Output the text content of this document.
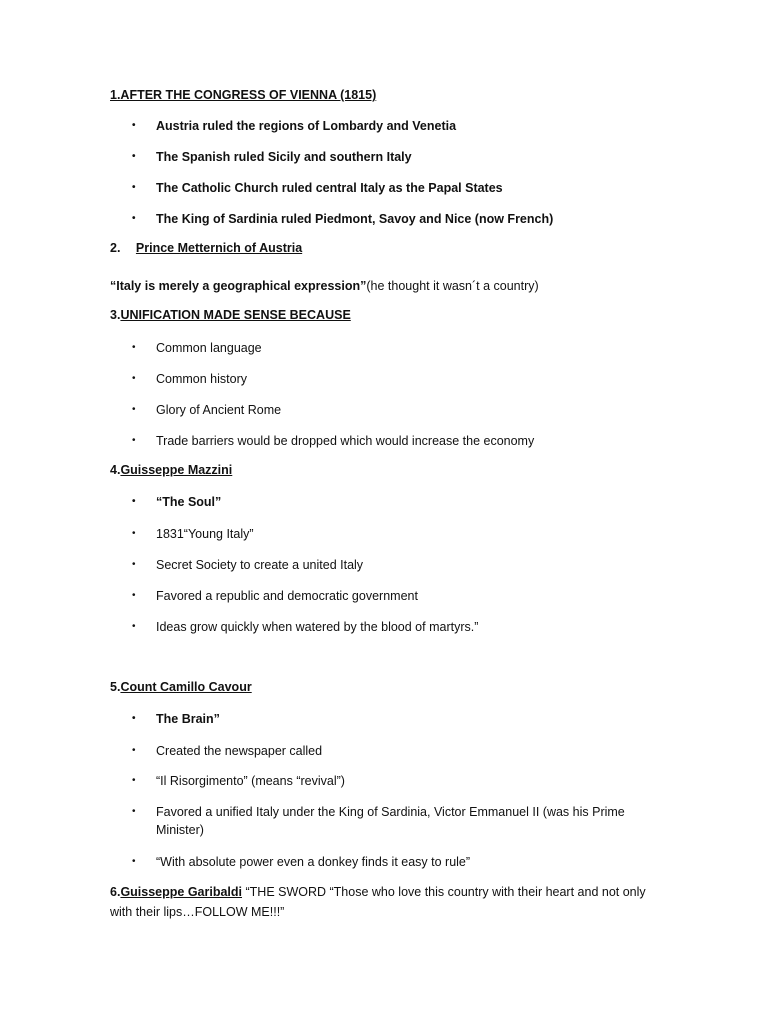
1.AFTER THE CONGRESS OF VIENNA (1815)
• Austria ruled the regions of Lombardy and Venetia
• The Spanish ruled Sicily and southern Italy
• The Catholic Church ruled central Italy as the Papal States
• The King of Sardinia ruled Piedmont, Savoy and Nice (now French)
2. Prince Metternich of Austria
“Italy is merely a geographical expression”(he thought it wasn´t a country)
3.UNIFICATION MADE SENSE BECAUSE
• Common language
• Common history
• Glory of Ancient Rome
• Trade barriers would be dropped which would increase the economy
4.Guisseppe Mazzini
• “The Soul”
• 1831“Young Italy”
• Secret Society to create a united Italy
• Favored a republic and democratic government
• Ideas grow quickly when watered by the blood of martyrs.”
5.Count Camillo Cavour
• The Brain”
• Created the newspaper called
• “Il Risorgimento” (means “revival”)
• Favored a unified Italy under the King of Sardinia, Victor Emmanuel II (was his Prime Minister)
• “With absolute power even a donkey finds it easy to rule”
6.Guisseppe Garibaldi “THE SWORD “Those who love this country with their heart and not only with their lips…FOLLOW ME!!!”
